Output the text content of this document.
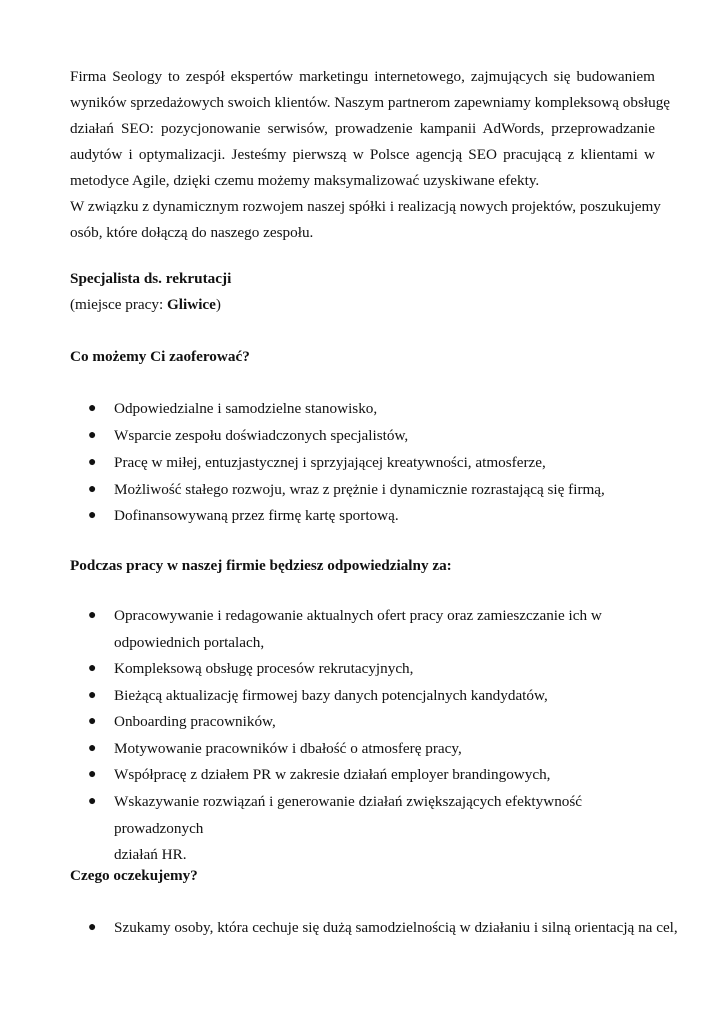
Firma Seology to zespół ekspertów marketingu internetowego, zajmujących się budowaniem
wyników sprzedażowych swoich klientów. Naszym partnerom zapewniamy kompleksową obsługę
działań SEO: pozycjonowanie serwisów, prowadzenie kampanii AdWords, przeprowadzanie
audytów i optymalizacji. Jesteśmy pierwszą w Polsce agencją SEO pracującą z klientami w
metodyce Agile, dzięki czemu możemy maksymalizować uzyskiwane efekty.
W związku z dynamicznym rozwojem naszej spółki i realizacją nowych projektów, poszukujemy
osób, które dołączą do naszego zespołu.

Specjalista ds. rekrutacji

(miejsce pracy: Gliwice)

Co możemy Ci zaoferować?

● Odpowiedzialne i samodzielne stanowisko,
● Wsparcie zespołu doświadczonych specjalistów,
● Pracę w miłej, entuzjastycznej i sprzyjającej kreatywności, atmosferze,
● Możliwość stałego rozwoju, wraz z prężnie i dynamicznie rozrastającą się firmą,
● Dofinansowywaną przez firmę kartę sportową.

Podczas pracy w naszej firmie będziesz odpowiedzialny za:

● Opracowywanie i redagowanie aktualnych ofert pracy oraz zamieszczanie ich w
odpowiednich portalach,
● Kompleksową obsługę procesów rekrutacyjnych,
● Bieżącą aktualizację firmowej bazy danych potencjalnych kandydatów,
● Onboarding pracowników,
● Motywowanie pracowników i dbałość o atmosferę pracy,
● Współpracę z działem PR w zakresie działań employer brandingowych,
● Wskazywanie rozwiązań i generowanie działań zwiększających efektywność prowadzonych
działań HR.

Czego oczekujemy?

● Szukamy osoby, która cechuje się dużą samodzielnością w działaniu i silną orientacją na cel,
